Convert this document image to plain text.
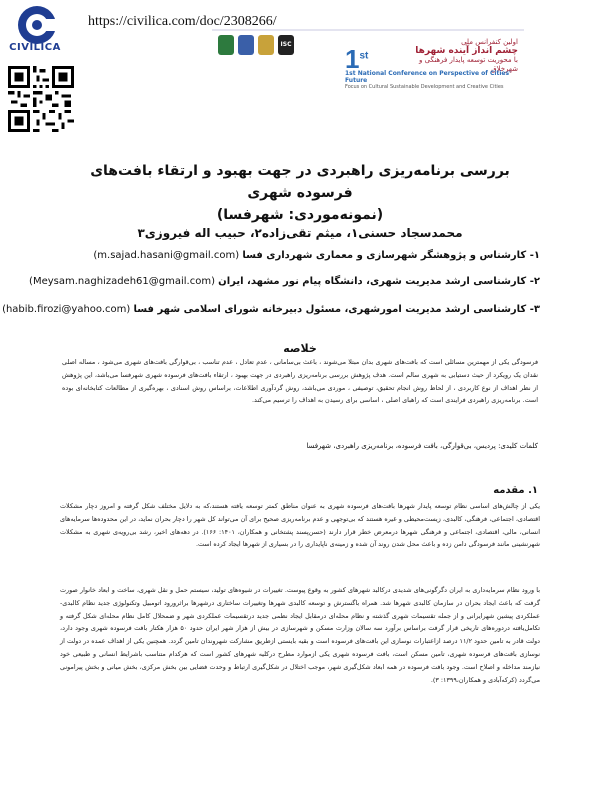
CIVILICA
https://civilica.com/doc/2308266/
ISC 1st
اولین کنفرانس ملی
چشم انداز آینده شهرها
با محوریت توسعه پایدار فرهنگی و شهرخلاق
1st National Conference on Perspective of Cities' Future
Focus on Cultural Sustainable Development and Creative Cities
بررسی برنامه‌ریزی راهبردی در جهت بهبود و ارتقاء بافت‌های فرسوده شهری
(نمونه‌موردی: شهرفسا)
محمدسجاد حسنی۱، میثم تقی‌زاده۲، حبیب اله فیروزی۳
۱- کارشناس و پژوهشگر شهرسازی و معماری شهرداری فسا (m.sajad.hasani@gmail.com)
۲- کارشناسی ارشد مدیریت شهری، دانشگاه پیام نور مشهد، ایران (Meysam.naghizadeh61@gmail.com)
۳- کارشناسی ارشد مدیریت امورشهری، مسئول دبیرخانه شورای اسلامی شهر فسا (habib.firozi@yahoo.com)
خلاصه
فرسودگی یکی از مهمترین مسائلی است که بافت‌های شهری بدان مبتلا می‌شوند ، باعث بی‌سامانی ، عدم تعادل ، عدم تناسب ، بی‌قوارگی بافت‌های شهری می‌شود ، مساله اصلی نقدان یک رویکرد از حیث دستیابی به شهری سالم است. هدف پژوهش بررسی برنامه‌ریزی راهبردی در جهت بهبود ، ارتقاء بافت‌های فرسوده شهری شهرفسا می‌باشد، این پژوهش از نظر اهداف از نوع کاربردی ، از لحاظ روش انجام تحقیق، توصیفی ، موردی می‌باشد، روش گردآوری اطلاعات، براساس روش اسنادی ، بهره‌گیری از مطالعات کتابخانه‌ای بوده است. برنامه‌ریزی راهبردی فرایندی است که راهبای اصلی ، اساسی برای رسیدن به اهداف را ترسیم می‌کند.
کلمات کلیدی: پردیس، بی‌قوارگی، بافت فرسوده، برنامه‌ریزی راهبردی، شهرفسا
۱. مقدمه
یکی از چالش‌های اساسی نظام توسعه پایدار شهرها بافت‌های فرسوده شهری به عنوان مناطق کمتر توسعه یافته هستند،که به دلایل مختلف شکل گرفته و امروز دچار مشکلات اقتصادی، اجتماعی، فرهنگی، کالبدی، زیست‌محیطی و غیره هستند که بی‌توجهی و عدم برنامه‌ریزی صحیح برای آن می‌تواند کل شهر را دچار بحران نماید، در این محدوده‌ها سرمایه‌های انسانی، مالی، اقتصادی، اجتماعی و فرهنگی شهرها درمعرض خطر قرار دارند (حسن‌پسند پشتخانی و همکاران، ۱۴۰۱: ۱۶۶). در دهه‌های اخیر، رشد بی‌رویه‌ی شهری به مشکلات شهرنشینی مانند فرسودگی دامن زده و باعث محل شدن روند آن شده و زمینه‌ی ناپایداری را در بسیاری از شهرها ایجاد کرده است.
با ورود نظام سرمایه‌داری به ایران دگرگونی‌های شدیدی درکالبد شهرهای کشور به وقوع پیوست. تغییرات در شیوه‌های تولید، سیستم حمل و نقل شهری، ساخت و ابعاد خانوار صورت گرفت که باعث ایجاد بحران در سازمان کالبدی شهرها شد. همراه باگسترش و توسعه کالبدی شهرها وتغییرات ساختاری درشهرها براثرورود اتومبیل وتکنولوژی جدید نظام کالبدی- عملکردی پیشین شهرایرانی و از جمله تقسیمات شهری گذشته و نظام محله‌ای درمقابل ایجاد نظمی جدید درتقسیمات عملکردی شهر و ضمحلال کامل نظام محله‌ای شکل گرفته و تکامل‌یافته دردوره‌های تاریخی قرار گرفت براساس برآورد سه سالان وزارت مسکن و شهرسازی در بیش از هزار شهر ایران حدود ۵۰ هزار هکتار بافت فرسوده شهری وجود دارد، دولت قادر به تامین حدود ۱۱/۲ درصد ازاعتبارات نوسازی این بافت‌های فرسوده است و بقیه بایستی ازطریق مشارکت شهروندان تامین گردد. همچنین یکی از اهداف عمده در دولت از نوسازی بافت‌های فرسوده شهری، تامین مسکن است، بافت فرسوده شهری یکی ازموارد مطرح درکلیه شهرهای کشور است که هرکدام متناسب باشرایط انسانی و طبیعی خود نیازمند مداخله و اصلاح است. وجود بافت فرسوده در همه ابعاد شکل‌گیری شهر، موجب اختلال در شکل‌گیری ارتباط و وحدت فضایی بین بخش مرکزی، بخش میانی و بخش پیرامونی می‌گردد (کرکه‌آبادی و همکاران،۱۳۹۹: ۳).
